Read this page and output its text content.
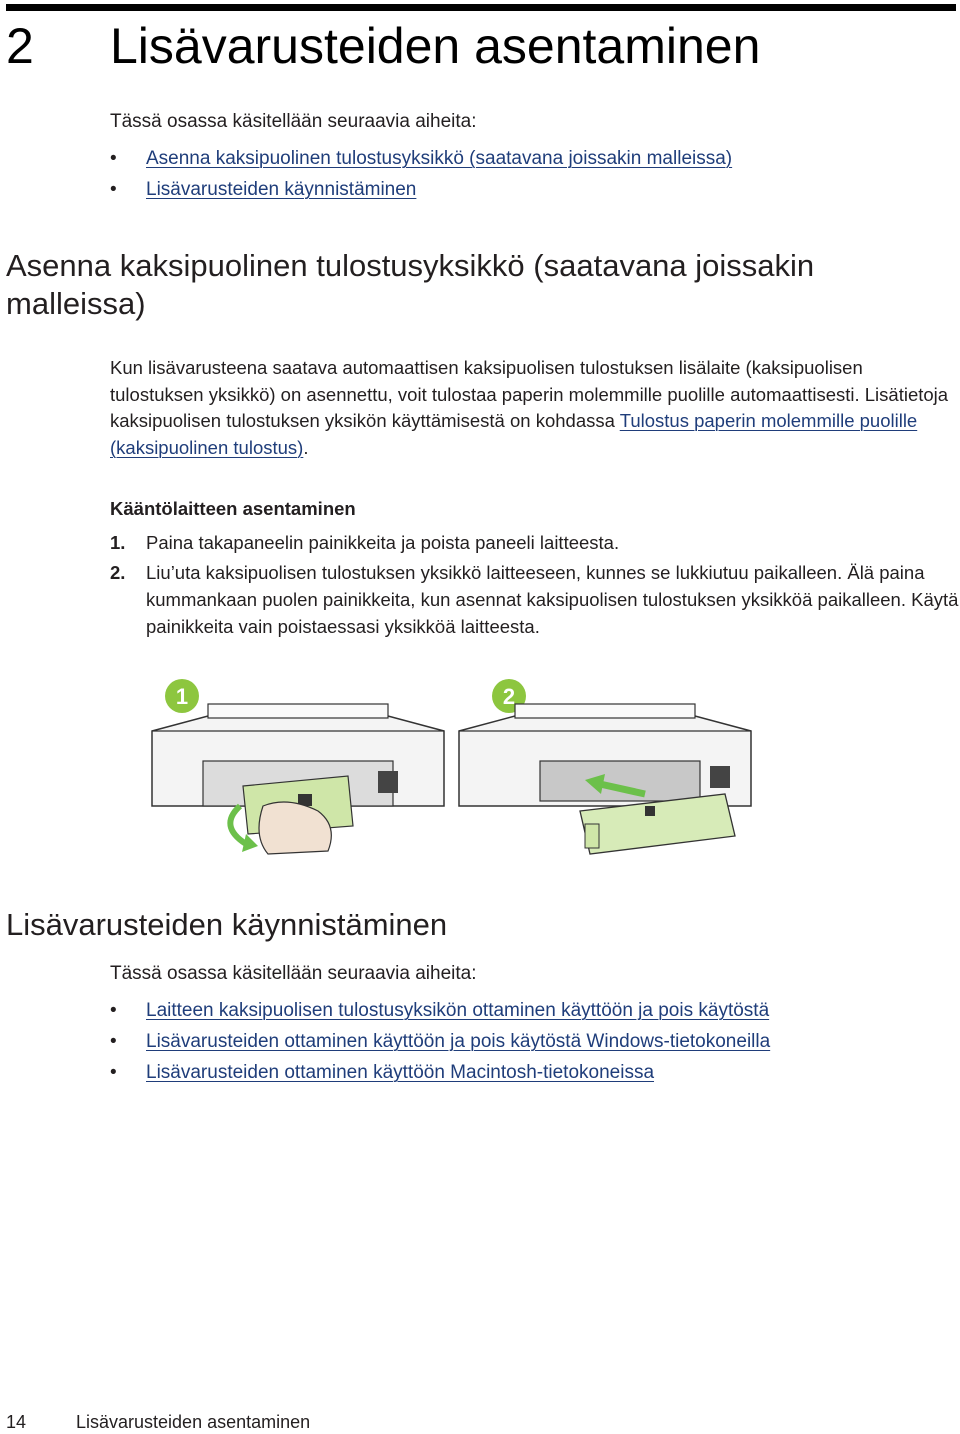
2 Lisävarusteiden asentaminen
Tässä osassa käsitellään seuraavia aiheita:
• Asenna kaksipuolinen tulostusyksikkö (saatavana joissakin malleissa)
• Lisävarusteiden käynnistäminen
Asenna kaksipuolinen tulostusyksikkö (saatavana joissakin malleissa)
Kun lisävarusteena saatava automaattisen kaksipuolisen tulostuksen lisälaite (kaksipuolisen tulostuksen yksikkö) on asennettu, voit tulostaa paperin molemmille puolille automaattisesti. Lisätietoja kaksipuolisen tulostuksen yksikön käyttämisestä on kohdassa Tulostus paperin molemmille puolille (kaksipuolinen tulostus).
Kääntölaitteen asentaminen
1.	Paina takapaneelin painikkeita ja poista paneeli laitteesta.
2.	Liu’uta kaksipuolisen tulostuksen yksikkö laitteeseen, kunnes se lukkiutuu paikalleen. Älä paina kummankaan puolen painikkeita, kun asennat kaksipuolisen tulostuksen yksikköä paikalleen. Käytä painikkeita vain poistaessasi yksikköä laitteesta.
1	2
Lisävarusteiden käynnistäminen
Tässä osassa käsitellään seuraavia aiheita:
• Laitteen kaksipuolisen tulostusyksikön ottaminen käyttöön ja pois käytöstä
• Lisävarusteiden ottaminen käyttöön ja pois käytöstä Windows-tietokoneilla
• Lisävarusteiden ottaminen käyttöön Macintosh-tietokoneissa
14	Lisävarusteiden asentaminen
